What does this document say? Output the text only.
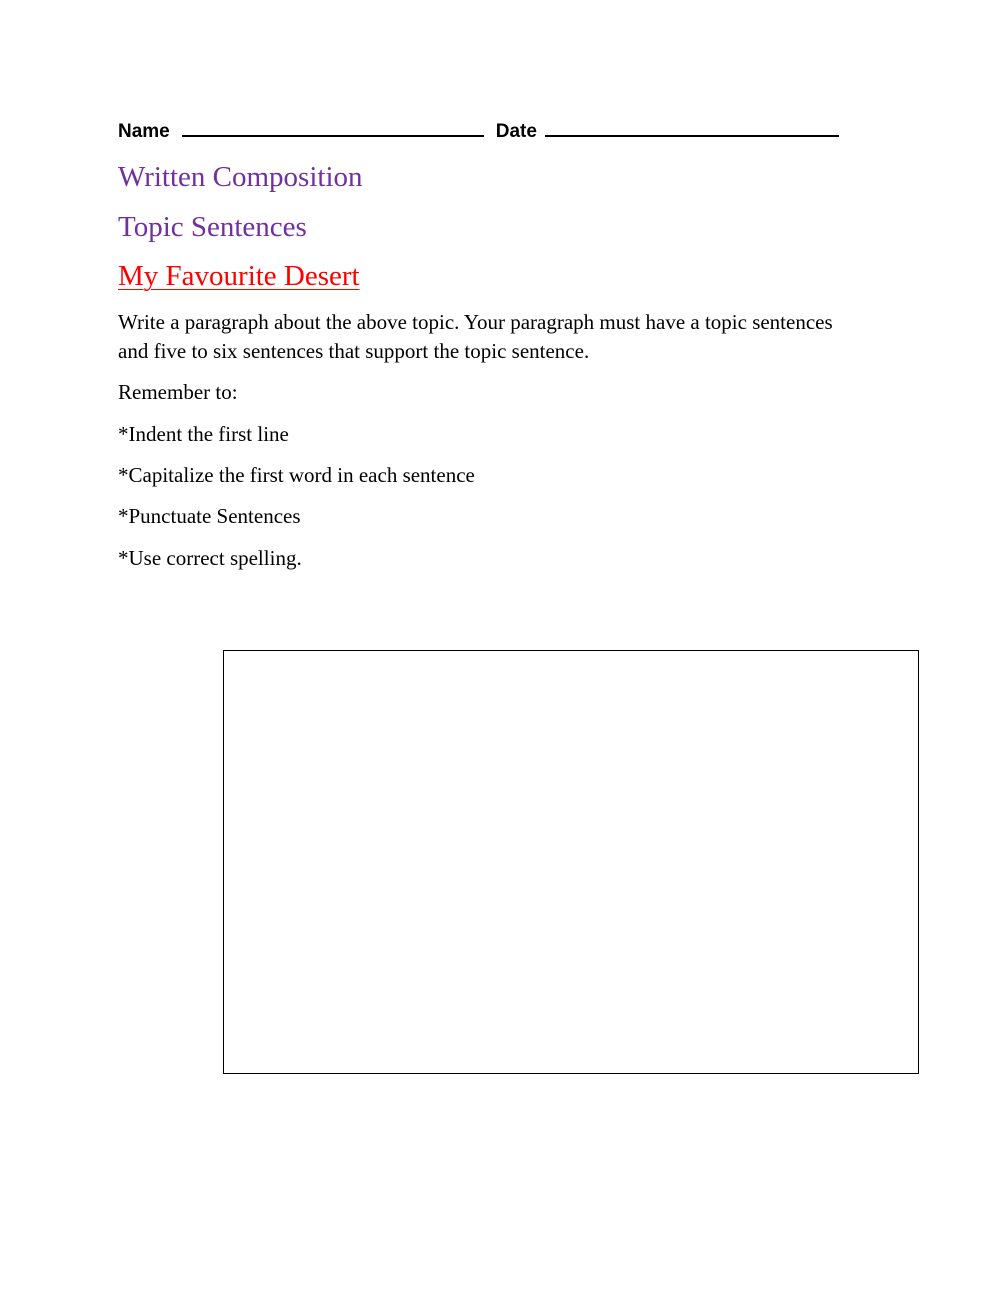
Name	Date
Written Composition
Topic Sentences
My Favourite Desert
Write a paragraph about the above topic. Your paragraph must have a topic sentences and five to six sentences that support the topic sentence.
Remember to:
*Indent the first line
*Capitalize the first word in each sentence
*Punctuate Sentences
*Use correct spelling.
